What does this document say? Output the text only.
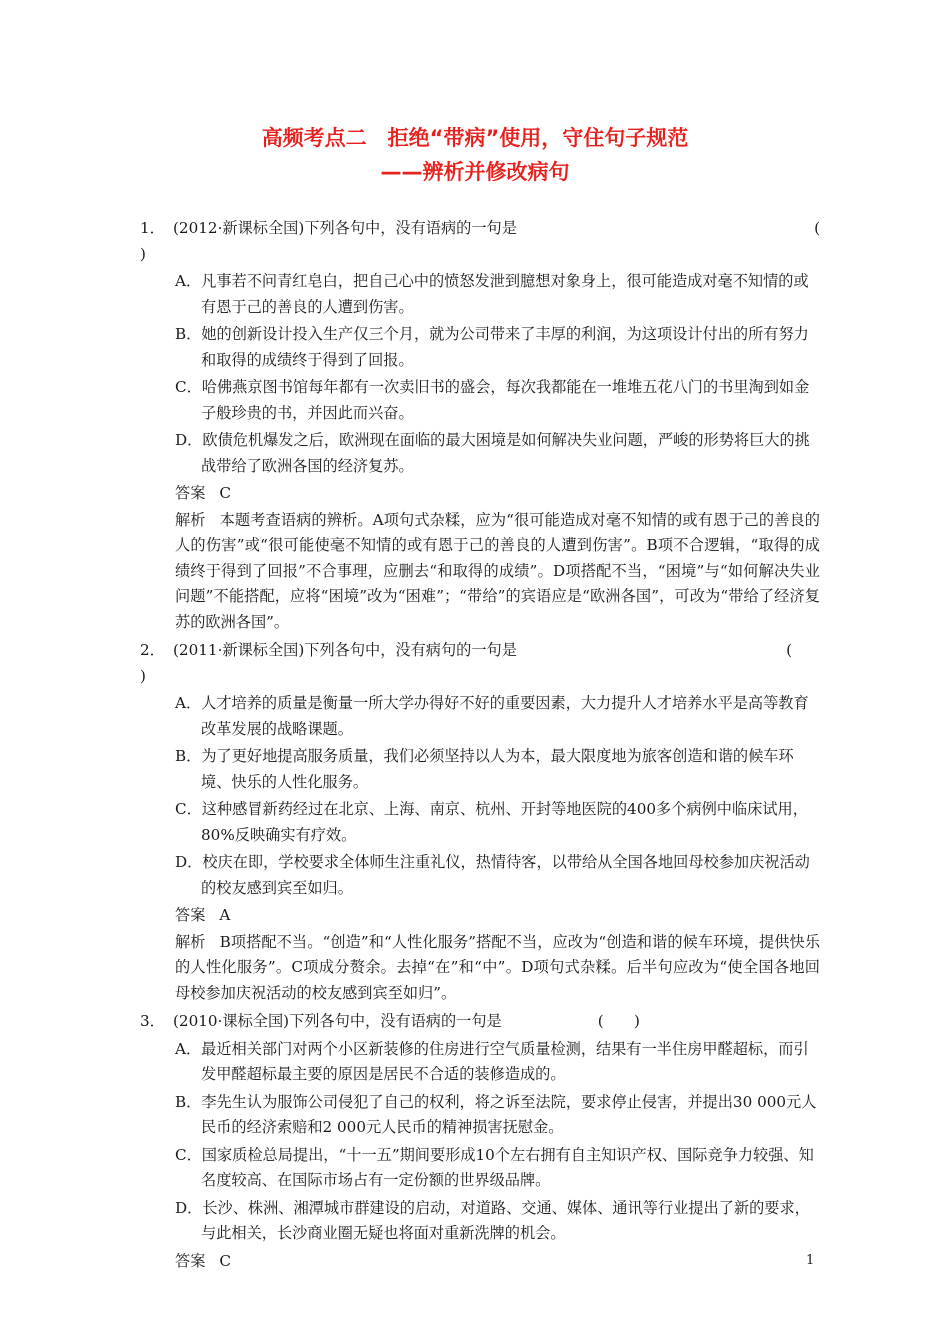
高频考点二　拒绝“带病”使用，守住句子规范
——辨析并修改病句
1． (2012·新课标全国)下列各句中，没有语病的一句是	(
)
A．凡事若不问青红皂白，把自己心中的愤怒发泄到臆想对象身上，很可能造成对毫不知情的或有恩于己的善良的人遭到伤害。
B．她的创新设计投入生产仅三个月，就为公司带来了丰厚的利润，为这项设计付出的所有努力和取得的成绩终于得到了回报。
C．哈佛燕京图书馆每年都有一次卖旧书的盛会，每次我都能在一堆堆五花八门的书里淘到如金子般珍贵的书，并因此而兴奋。
D．欧债危机爆发之后，欧洲现在面临的最大困境是如何解决失业问题，严峻的形势将巨大的挑战带给了欧洲各国的经济复苏。
答案 C
解析 本题考查语病的辨析。A项句式杂糅，应为“很可能造成对毫不知情的或有恩于己的善良的人的伤害”或“很可能使毫不知情的或有恩于己的善良的人遭到伤害”。B项不合逻辑，“取得的成绩终于得到了回报”不合事理，应删去“和取得的成绩”。D项搭配不当，“困境”与“如何解决失业问题”不能搭配，应将“困境”改为“困难”；“带给”的宾语应是“欧洲各国”，可改为“带给了经济复苏的欧洲各国”。
2． (2011·新课标全国)下列各句中，没有病句的一句是	(
)
A．人才培养的质量是衡量一所大学办得好不好的重要因素，大力提升人才培养水平是高等教育改革发展的战略课题。
B．为了更好地提高服务质量，我们必须坚持以人为本，最大限度地为旅客创造和谐的候车环境、快乐的人性化服务。
C．这种感冒新药经过在北京、上海、南京、杭州、开封等地医院的400多个病例中临床试用，80%反映确实有疗效。
D．校庆在即，学校要求全体师生注重礼仪，热情待客，以带给从全国各地回母校参加庆祝活动的校友感到宾至如归。
答案 A
解析 B项搭配不当。“创造”和“人性化服务”搭配不当，应改为“创造和谐的候车环境，提供快乐的人性化服务”。C项成分赘余。去掉“在”和“中”。D项句式杂糅。后半句应改为“使全国各地回母校参加庆祝活动的校友感到宾至如归”。
3． (2010·课标全国)下列各句中，没有语病的一句是	(　　)
A．最近相关部门对两个小区新装修的住房进行空气质量检测，结果有一半住房甲醛超标，而引发甲醛超标最主要的原因是居民不合适的装修造成的。
B．李先生认为服饰公司侵犯了自己的权利，将之诉至法院，要求停止侵害，并提出30 000元人民币的经济索赔和2 000元人民币的精神损害抚慰金。
C．国家质检总局提出，“十一五”期间要形成10个左右拥有自主知识产权、国际竞争力较强、知名度较高、在国际市场占有一定份额的世界级品牌。
D．长沙、株洲、湘潭城市群建设的启动，对道路、交通、媒体、通讯等行业提出了新的要求，与此相关，长沙商业圈无疑也将面对重新洗牌的机会。
答案 C	1
